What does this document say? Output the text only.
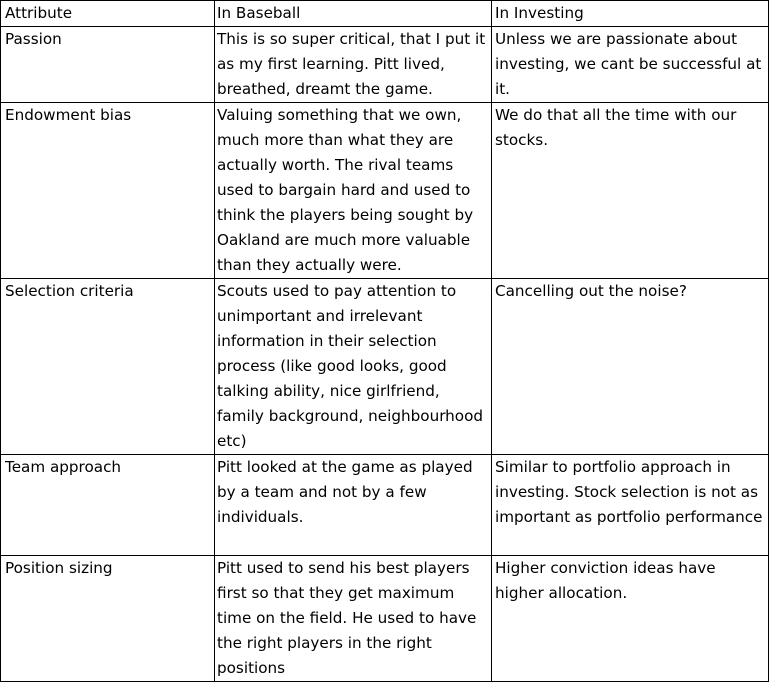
Attribute	In Baseball	In Investing
Passion	This is so super critical, that I put it as my first learning. Pitt lived, breathed, dreamt the game.	Unless we are passionate about investing, we cant be successful at it.
Endowment bias	Valuing something that we own, much more than what they are actually worth. The rival teams used to bargain hard and used to think the players being sought by Oakland are much more valuable than they actually were.	We do that all the time with our stocks.
Selection criteria	Scouts used to pay attention to unimportant and irrelevant information in their selection process (like good looks, good talking ability, nice girlfriend, family background, neighbourhood etc)	Cancelling out the noise?
Team approach	Pitt looked at the game as played by a team and not by a few individuals.	Similar to portfolio approach in investing. Stock selection is not as important as portfolio performance
Position sizing	Pitt used to send his best players first so that they get maximum time on the field. He used to have the right players in the right positions	Higher conviction ideas have higher allocation.
